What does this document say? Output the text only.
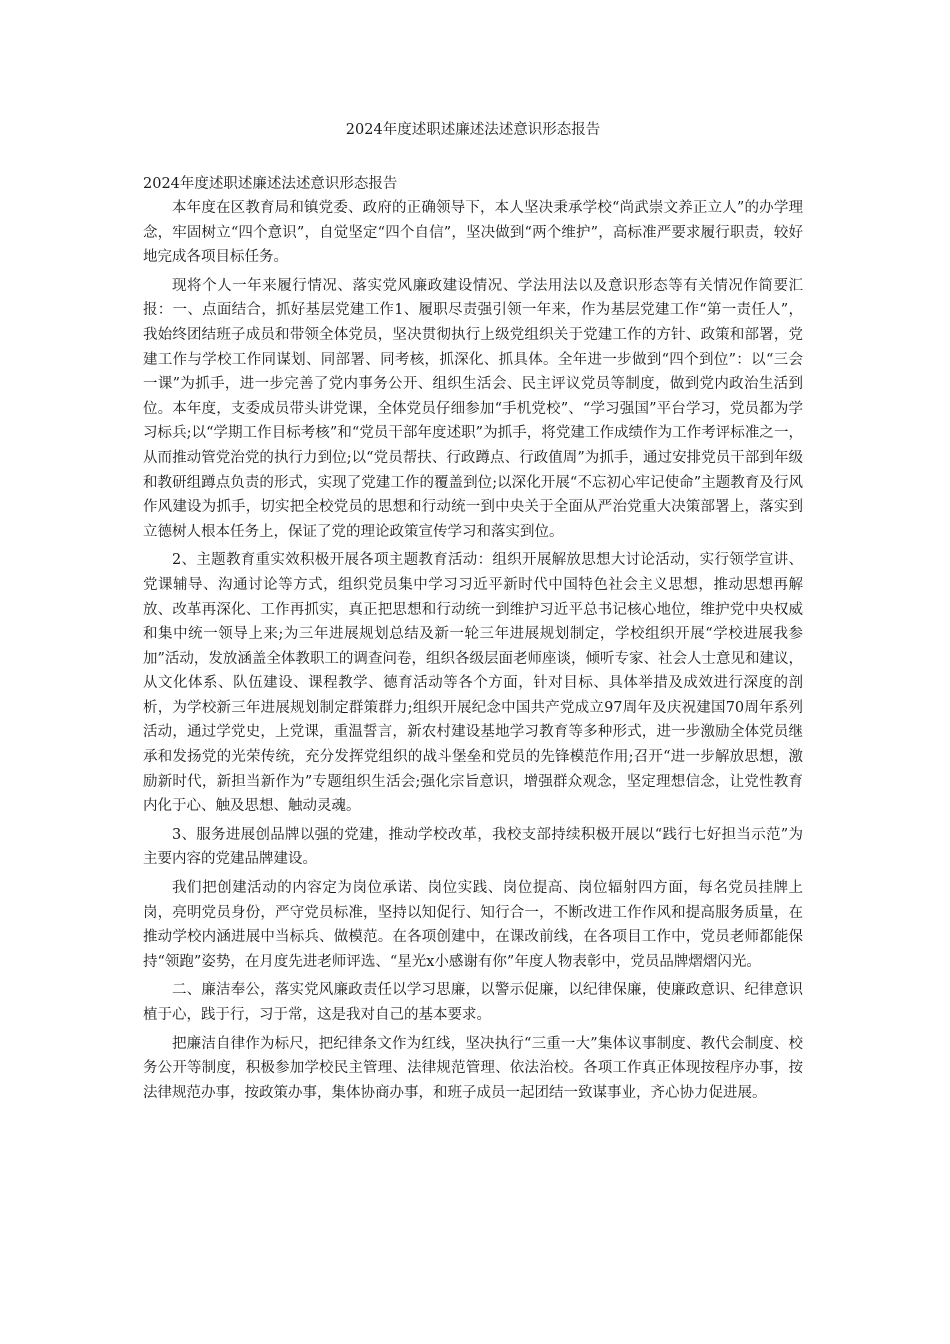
2024年度述职述廉述法述意识形态报告

2024年度述职述廉述法述意识形态报告

本年度在区教育局和镇党委、政府的正确领导下，本人坚决秉承学校“尚武崇文养正立人”的办学理念，牢固树立“四个意识”，自觉坚定“四个自信”，坚决做到“两个维护”，高标准严要求履行职责，较好地完成各项目标任务。

现将个人一年来履行情况、落实党风廉政建设情况、学法用法以及意识形态等有关情况作简要汇报：一、点面结合，抓好基层党建工作1、履职尽责强引领一年来，作为基层党建工作“第一责任人”，我始终团结班子成员和带领全体党员，坚决贯彻执行上级党组织关于党建工作的方针、政策和部署，党建工作与学校工作同谋划、同部署、同考核，抓深化、抓具体。全年进一步做到“四个到位”：以“三会一课”为抓手，进一步完善了党内事务公开、组织生活会、民主评议党员等制度，做到党内政治生活到位。本年度，支委成员带头讲党课，全体党员仔细参加“手机党校”、“学习强国”平台学习，党员都为学习标兵;以“学期工作目标考核”和“党员干部年度述职”为抓手，将党建工作成绩作为工作考评标准之一，从而推动管党治党的执行力到位;以“党员帮扶、行政蹲点、行政值周”为抓手，通过安排党员干部到年级和教研组蹲点负责的形式，实现了党建工作的覆盖到位;以深化开展“不忘初心牢记使命”主题教育及行风作风建设为抓手，切实把全校党员的思想和行动统一到中央关于全面从严治党重大决策部署上，落实到立德树人根本任务上，保证了党的理论政策宣传学习和落实到位。

2、主题教育重实效积极开展各项主题教育活动：组织开展解放思想大讨论活动，实行领学宣讲、党课辅导、沟通讨论等方式，组织党员集中学习习近平新时代中国特色社会主义思想，推动思想再解放、改革再深化、工作再抓实，真正把思想和行动统一到维护习近平总书记核心地位，维护党中央权威和集中统一领导上来;为三年进展规划总结及新一轮三年进展规划制定，学校组织开展“学校进展我参加”活动，发放涵盖全体教职工的调查问卷，组织各级层面老师座谈，倾听专家、社会人士意见和建议，从文化体系、队伍建设、课程教学、德育活动等各个方面，针对目标、具体举措及成效进行深度的剖析，为学校新三年进展规划制定群策群力;组织开展纪念中国共产党成立97周年及庆祝建国70周年系列活动，通过学党史，上党课，重温誓言，新农村建设基地学习教育等多种形式，进一步激励全体党员继承和发扬党的光荣传统，充分发挥党组织的战斗堡垒和党员的先锋模范作用;召开“进一步解放思想，激励新时代，新担当新作为”专题组织生活会;强化宗旨意识，增强群众观念，坚定理想信念，让党性教育内化于心、触及思想、触动灵魂。

3、服务进展创品牌以强的党建，推动学校改革，我校支部持续积极开展以“践行七好担当示范”为主要内容的党建品牌建设。

我们把创建活动的内容定为岗位承诺、岗位实践、岗位提高、岗位辐射四方面，每名党员挂牌上岗，亮明党员身份，严守党员标准，坚持以知促行、知行合一，不断改进工作作风和提高服务质量，在推动学校内涵进展中当标兵、做模范。在各项创建中，在课改前线，在各项目工作中，党员老师都能保持“领跑”姿势，在月度先进老师评选、“星光x小感谢有你”年度人物表彰中，党员品牌熠熠闪光。

二、廉洁奉公，落实党风廉政责任以学习思廉，以警示促廉，以纪律保廉，使廉政意识、纪律意识植于心，践于行，习于常，这是我对自己的基本要求。

把廉洁自律作为标尺，把纪律条文作为红线，坚决执行“三重一大”集体议事制度、教代会制度、校务公开等制度，积极参加学校民主管理、法律规范管理、依法治校。各项工作真正体现按程序办事，按法律规范办事，按政策办事，集体协商办事，和班子成员一起团结一致谋事业，齐心协力促进展。
